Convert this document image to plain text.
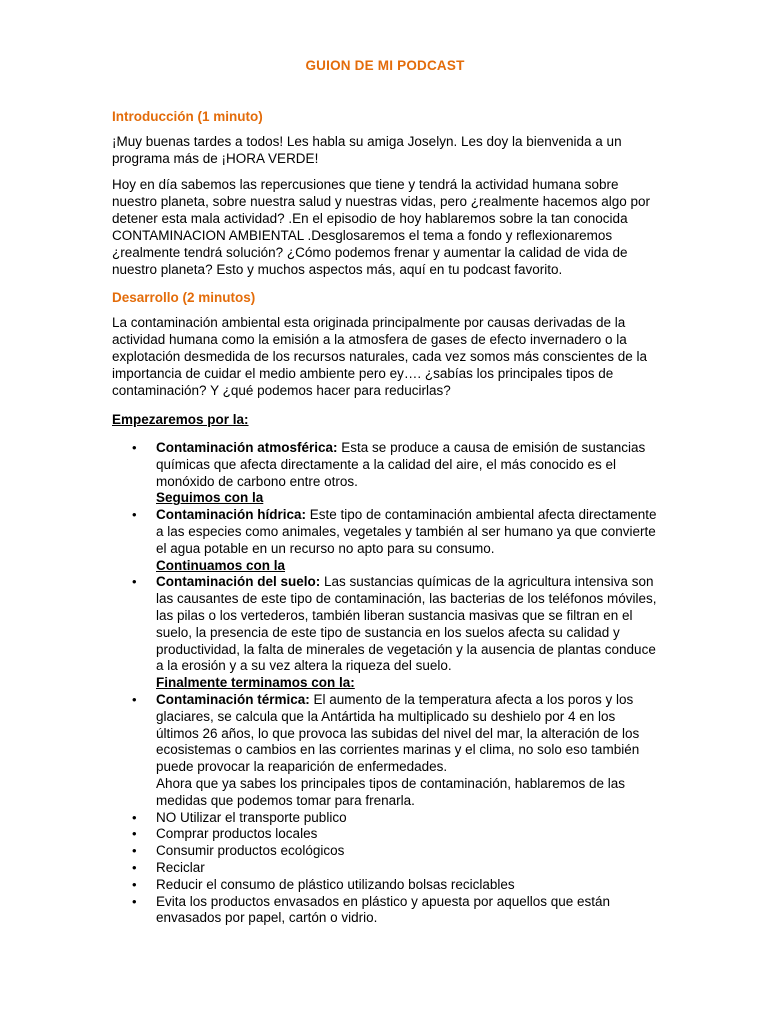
GUION DE MI PODCAST
Introducción (1 minuto)

¡Muy buenas tardes a todos! Les habla su amiga Joselyn. Les doy la bienvenida a un programa más de ¡HORA VERDE!

Hoy en día sabemos las repercusiones que tiene y tendrá la actividad humana sobre nuestro planeta, sobre nuestra salud y nuestras vidas, pero ¿realmente hacemos algo por detener esta mala actividad? .En el episodio de hoy hablaremos sobre la tan conocida CONTAMINACION AMBIENTAL .Desglosaremos el tema a fondo y reflexionaremos ¿realmente tendrá solución? ¿Cómo podemos frenar y aumentar la calidad de vida de nuestro planeta? Esto y muchos aspectos más, aquí en tu podcast favorito.

Desarrollo (2 minutos)

La contaminación ambiental esta originada principalmente por causas derivadas de la actividad humana como la emisión a la atmosfera de gases de efecto invernadero o la explotación desmedida de los recursos naturales, cada vez somos más conscientes de la importancia de cuidar el medio ambiente pero ey…. ¿sabías los principales tipos de contaminación? Y ¿qué podemos hacer para reducirlas?

Empezaremos por la:
• Contaminación atmosférica: Esta se produce a causa de emisión de sustancias químicas que afecta directamente a la calidad del aire, el más conocido es el monóxido de carbono entre otros.
Seguimos con la
• Contaminación hídrica: Este tipo de contaminación ambiental afecta directamente a las especies como animales, vegetales y también al ser humano ya que convierte el agua potable en un recurso no apto para su consumo.
Continuamos con la
• Contaminación del suelo: Las sustancias químicas de la agricultura intensiva son las causantes de este tipo de contaminación, las bacterias de los teléfonos móviles, las pilas o los vertederos, también liberan sustancia masivas que se filtran en el suelo, la presencia de este tipo de sustancia en los suelos afecta su calidad y productividad, la falta de minerales de vegetación y la ausencia de plantas conduce a la erosión y a su vez altera la riqueza del suelo.
Finalmente terminamos con la:
• Contaminación térmica: El aumento de la temperatura afecta a los poros y los glaciares, se calcula que la Antártida ha multiplicado su deshielo por 4 en los últimos 26 años, lo que provoca las subidas del nivel del mar, la alteración de los ecosistemas o cambios en las corrientes marinas y el clima, no solo eso también puede provocar la reaparición de enfermedades.
Ahora que ya sabes los principales tipos de contaminación, hablaremos de las medidas que podemos tomar para frenarla.
• NO Utilizar el transporte publico
• Comprar productos locales
• Consumir productos ecológicos
• Reciclar
• Reducir el consumo de plástico utilizando bolsas reciclables
• Evita los productos envasados en plástico y apuesta por aquellos que están envasados por papel, cartón o vidrio.
